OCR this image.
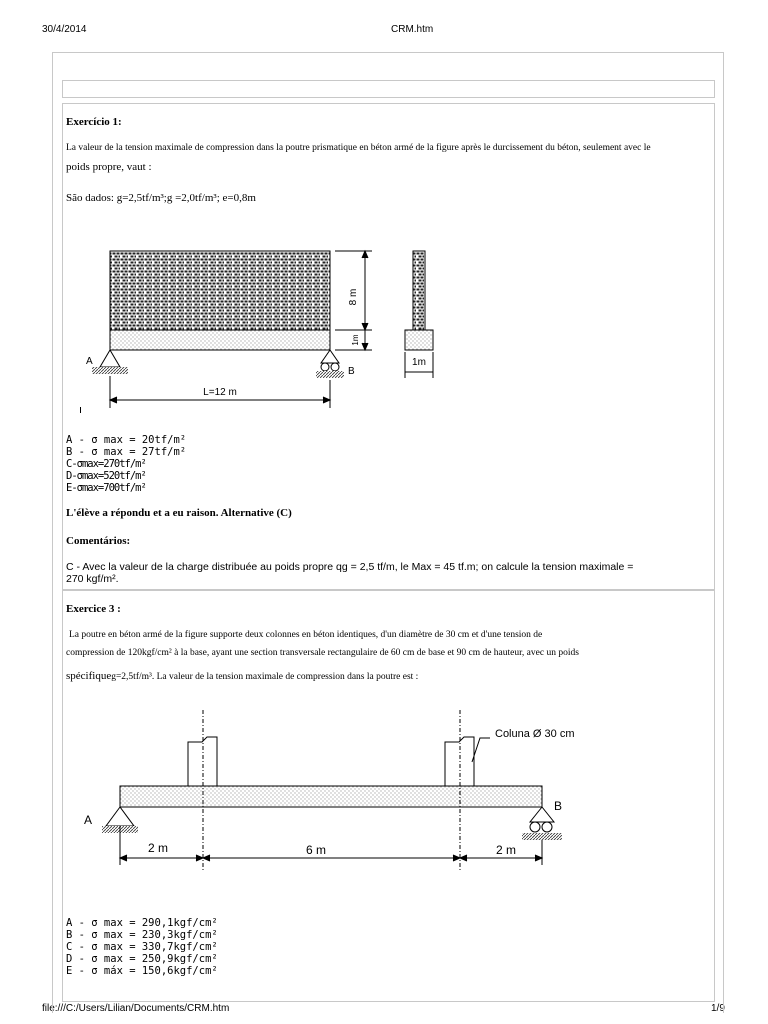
30/4/2014	CRM.htm
file:///C:/Users/Lilian/Documents/CRM.htm	1/9
Exercício 1:
La valeur de la tension maximale de compression dans la poutre prismatique en béton armé de la figure après le durcissement du béton, seulement avec le
poids propre, vaut :
São dados: g=2,5tf/m³;g =2,0tf/m³; e=0,8m
8 m
1m
1m
A
B
L=12 m
A - σ max = 20tf/m²
B - σ max = 27tf/m²
C-σmax=270tf/m²
D-σmax=520tf/m²
E-σmax=700tf/m²
L'élève a répondu et a eu raison. Alternative (C)
Comentários:
C - Avec la valeur de la charge distribuée au poids propre qg = 2,5 tf/m, le Max = 45 tf.m; on calcule la tension maximale =
270 kgf/m².
Exercice 3 :
La poutre en béton armé de la figure supporte deux colonnes en béton identiques, d'un diamètre de 30 cm et d'une tension de
compression de 120kgf/cm² à la base, ayant une section transversale rectangulaire de 60 cm de base et 90 cm de hauteur, avec un poids
spécifiqueg=2,5tf/m³. La valeur de la tension maximale de compression dans la poutre est :
Coluna Ø 30 cm
A
B
2 m	6 m	2 m
A - σ max = 290,1kgf/cm²
B - σ max = 230,3kgf/cm²
C - σ max = 330,7kgf/cm²
D - σ max = 250,9kgf/cm²
E - σ máx = 150,6kgf/cm²
